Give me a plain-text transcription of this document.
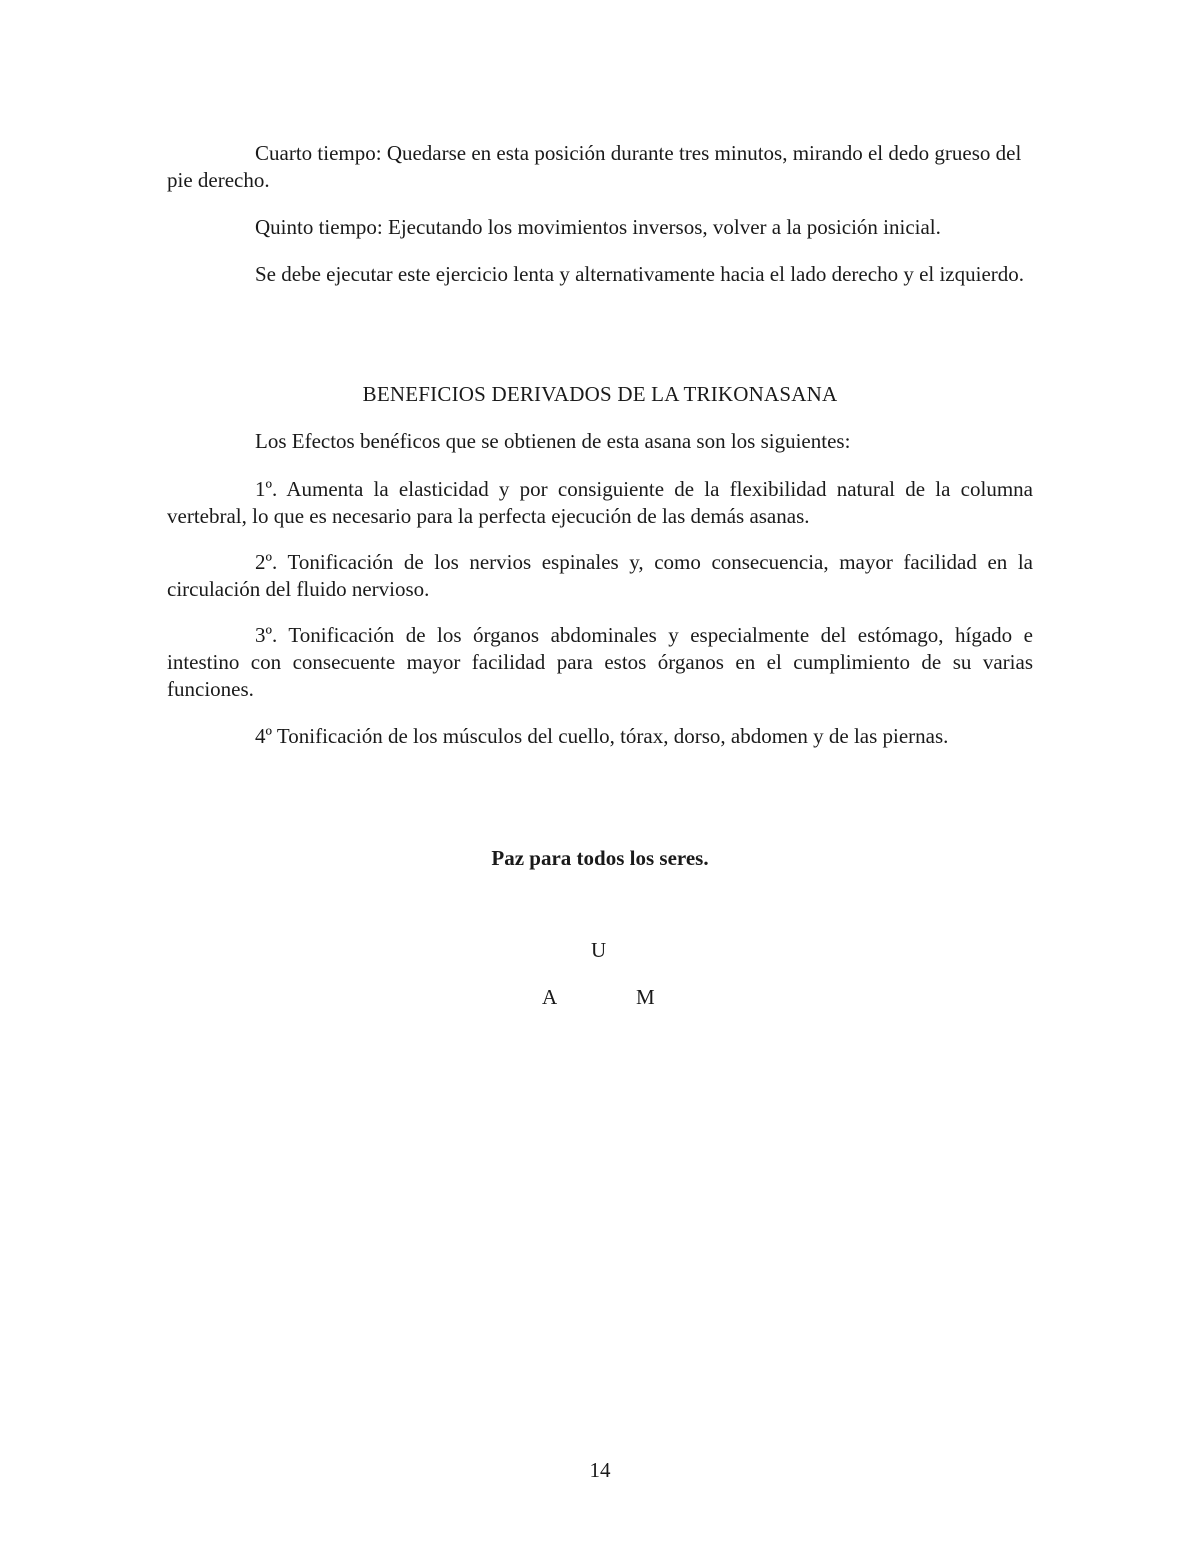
Cuarto tiempo: Quedarse en esta posición durante tres minutos, mirando el dedo grueso del pie derecho.

Quinto tiempo: Ejecutando los movimientos inversos, volver a la posición inicial.

Se debe ejecutar este ejercicio lenta y alternativamente hacia el lado derecho y el izquierdo.

BENEFICIOS DERIVADOS DE LA TRIKONASANA

Los Efectos benéficos que se obtienen de esta asana son los siguientes:

1º. Aumenta la elasticidad y por consiguiente de la flexibilidad natural de la columna vertebral, lo que es necesario para la perfecta ejecución de las demás asanas.

2º. Tonificación de los nervios espinales y, como consecuencia, mayor facilidad en la circulación del fluido nervioso.

3º. Tonificación de los órganos abdominales y especialmente del estómago, hígado e intestino con consecuente mayor facilidad para estos órganos en el cumplimiento de su varias funciones.

4º Tonificación de los músculos del cuello, tórax, dorso, abdomen y de las piernas.

Paz para todos los seres.
U
A	M
14
